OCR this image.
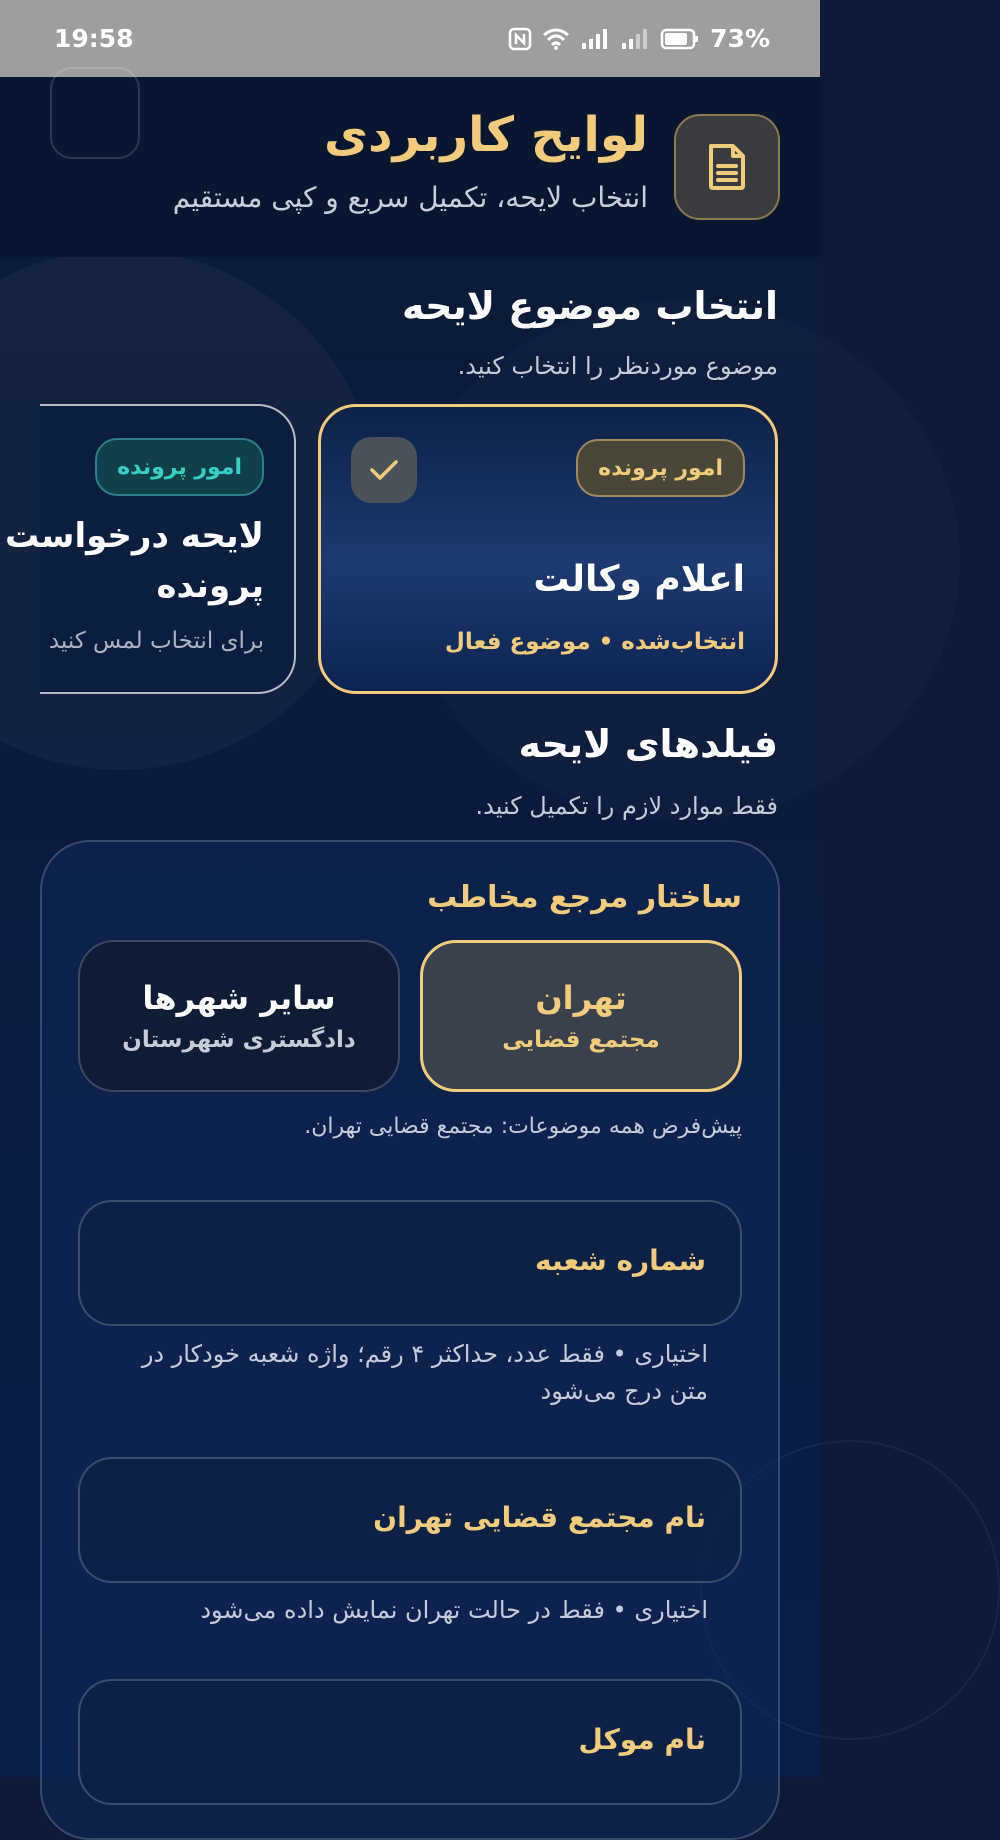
19:58	73%
لوایح کاربردی
انتخاب لایحه، تکمیل سریع و کپی مستقیم
انتخاب موضوع لایحه
موضوع موردنظر را انتخاب کنید.
امور پرونده
اعلام وکالت
انتخاب‌شده • موضوع فعال
امور پرونده
لایحه درخواست
پرونده
برای انتخاب لمس کنید
فیلدهای لایحه
فقط موارد لازم را تکمیل کنید.
ساختار مرجع مخاطب
تهران
مجتمع قضایی
سایر شهرها
دادگستری شهرستان
پیش‌فرض همه موضوعات: مجتمع قضایی تهران.
شماره شعبه
اختیاری • فقط عدد، حداکثر ۴ رقم؛ واژه شعبه خودکار در متن درج می‌شود
نام مجتمع قضایی تهران
اختیاری • فقط در حالت تهران نمایش داده می‌شود
نام موکل
